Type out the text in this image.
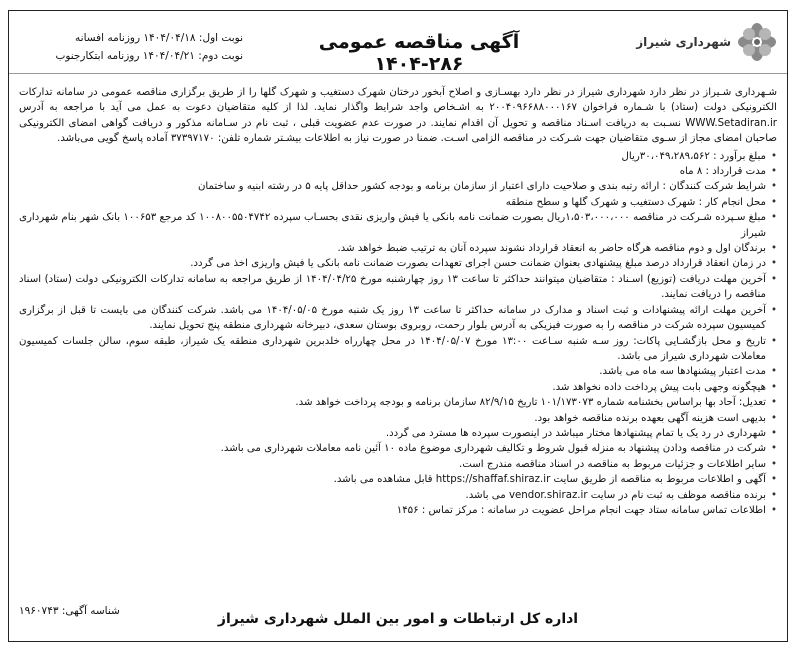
نوبت اول: ۱۴۰۴/۰۴/۱۸ روزنامه افسانه
نوبت دوم: ۱۴۰۴/۰۴/۲۱ روزنامه ابتکارجنوب
آگهی مناقصه عمومی ۲۸۶-۱۴۰۴
شهرداری شیراز

شـهرداری شـیراز در نظر دارد شهرداری شیراز در نظر دارد بهسـازی و اصلاح آبخور درختان شهرک دستغیب و شهرک گلها را از طریق برگزاری مناقصه عمومی در سامانه تدارکات الکترونیکی دولت (ستاد) با شـماره فراخوان ۲۰۰۴۰۹۶۶۸۸۰۰۰۱۶۷ به اشـخاص واجد شرایط واگذار نماید. لذا از کلیه متقاضیان دعوت به عمل می آید با مراجعه به آدرس WWW.Setadiran.ir نسـبت به دریافت اسـناد مناقصه و تحویل آن اقدام نمایند. در صورت عدم عضویت قبلی ، ثبت نام در سـامانه مذکور و دریافت گواهی امضای الکترونیکی صاحبان امضای مجاز از سـوی متقاضیان جهت شـرکت در مناقصه الزامی اسـت. ضمنا در صورت نیاز به اطلاعات بیشـتر شماره تلفن: ۳۷۳۹۷۱۷۰ آماده پاسخ گویی می‌باشد.

• مبلغ برآورد : ۳۰،۰۴۹،۲۸۹،۵۶۲ریال
• مدت قرارداد : ۸ ماه
• شرایط شرکت کنندگان : ارائه رتبه بندی و صلاحیت دارای اعتبار از سازمان برنامه و بودجه کشور حداقل پایه ۵ در رشته ابنیه و ساختمان
• محل انجام کار : شهرک دستغیب و شهرک گلها و سطح منطقه
• مبلغ سـپرده شـرکت در مناقصه ۱،۵۰۳،۰۰۰،۰۰۰ریال بصورت ضمانت نامه بانکی یا فیش واریزی نقدی بحسـاب سپرده ۱۰۰۸۰۰۵۵۰۴۷۴۲ کد مرجع ۱۰۰۶۵۳ بانک شهر بنام شهرداری شیراز
• برندگان اول و دوم مناقصه هرگاه حاضر به انعقاد قرارداد نشوند سپرده آنان به ترتیب ضبط خواهد شد.
• در زمان انعقاد قرارداد درصد مبلغ پیشنهادی بعنوان ضمانت حسن اجرای تعهدات بصورت ضمانت نامه بانکی یا فیش واریزی اخذ می گردد.
• آخرین مهلت دریافت (توزیع) اسـناد : متقاضیان میتوانند حداکثر تا ساعت ۱۳ روز چهارشنبه مورخ ۱۴۰۴/۰۴/۲۵ از طریق مراجعه به سامانه تدارکات الکترونیکی دولت (ستاد) اسناد مناقصه را دریافت نمایند.
• آخرین مهلت ارائه پیشنهادات و ثبت اسناد و مدارک در سامانه حداکثر تا ساعت ۱۳ روز یک شنبه مورخ ۱۴۰۴/۰۵/۰۵ می باشد. شرکت کنندگان می بایست تا قبل از برگزاری کمیسیون سپرده شرکت در مناقصه را به صورت فیزیکی به آدرس بلوار رحمت، روبروی بوستان سعدی، دبیرخانه شهرداری منطقه پنج تحویل نمایند.
• تاریخ و محل بازگشـایی پاکات: روز سـه شنبه سـاعت ۱۳:۰۰ مورخ ۱۴۰۴/۰۵/۰۷ در محل چهارراه خلدبرین شهرداری منطقه یک شیراز، طبقه سوم، سالن جلسات کمیسیون معاملات شهرداری شیراز می باشد.
• مدت اعتبار پیشنهادها سه ماه می باشد.
• هیچگونه وجهی بابت پیش پرداخت داده نخواهد شد.
• تعدیل: آحاد بها براساس بخشنامه شماره ۱۰۱/۱۷۳۰۷۳ تاریخ ۸۲/۹/۱۵ سازمان برنامه و بودجه پرداخت خواهد شد.
• بدیهی است هزینه آگهی بعهده برنده مناقصه خواهد بود.
• شهرداری در رد یک یا تمام پیشنهادها مختار میباشد در اینصورت سپرده ها مسترد می گردد.
• شرکت در مناقصه ودادن پیشنهاد به منزله قبول شروط و تکالیف شهرداری موضوع ماده ۱۰ آئین نامه معاملات شهرداری می باشد.
• سایر اطلاعات و جزئیات مربوط به مناقصه در اسناد مناقصه مندرج است.
• آگهی و اطلاعات مربوط به مناقصه از طریق سایت https://shaffaf.shiraz.ir قابل مشاهده می باشد.
• برنده مناقصه موظف به ثبت نام در سایت vendor.shiraz.ir می باشد.
• اطلاعات تماس سامانه ستاد جهت انجام مراحل عضویت در سامانه : مرکز تماس : ۱۴۵۶
شناسه آگهی: ۱۹۶۰۷۴۳	اداره کل ارتباطات و امور بین الملل شهرداری شیراز
